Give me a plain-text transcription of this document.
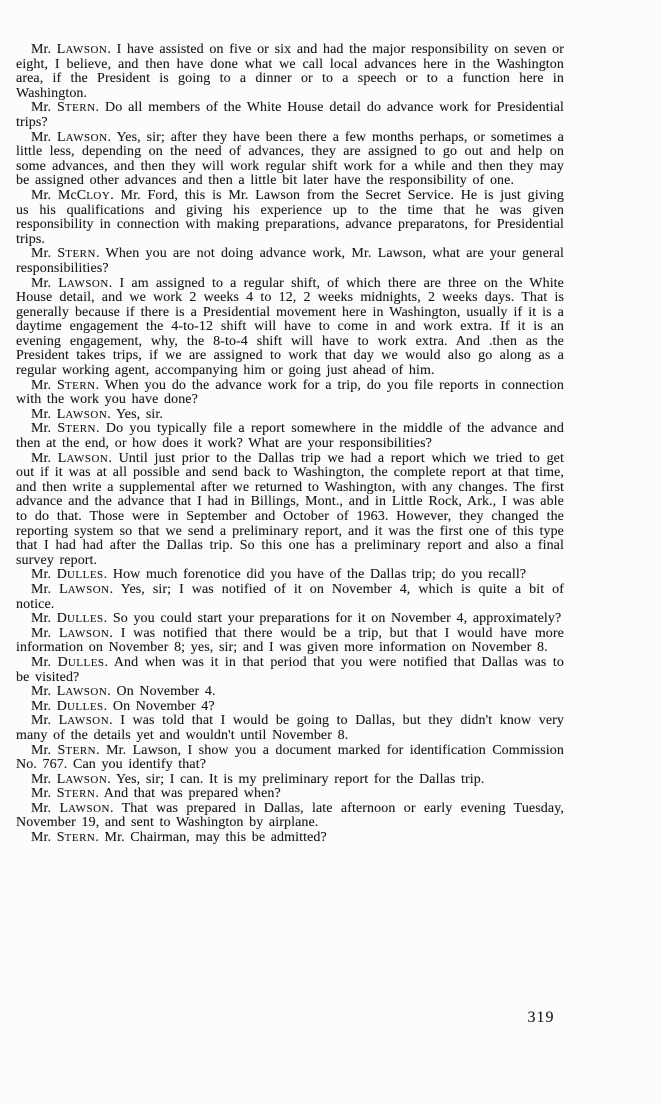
Mr. LAWSON. I have assisted on five or six and had the major responsibility on seven or eight, I believe, and then have done what we call local advances here in the Washington area, if the President is going to a dinner or to a speech or to a function here in Washington.

Mr. STERN. Do all members of the White House detail do advance work for Presidential trips?

Mr. LAWSON. Yes, sir; after they have been there a few months perhaps, or sometimes a little less, depending on the need of advances, they are assigned to go out and help on some advances, and then they will work regular shift work for a while and then they may be assigned other advances and then a little bit later have the responsibility of one.

Mr. McCLOY. Mr. Ford, this is Mr. Lawson from the Secret Service. He is just giving us his qualifications and giving his experience up to the time that he was given responsibility in connection with making preparations, advance preparatons, for Presidential trips.

Mr. STERN. When you are not doing advance work, Mr. Lawson, what are your general responsibilities?

Mr. LAWSON. I am assigned to a regular shift, of which there are three on the White House detail, and we work 2 weeks 4 to 12, 2 weeks midnights, 2 weeks days. That is generally because if there is a Presidential movement here in Washington, usually if it is a daytime engagement the 4-to-12 shift will have to come in and work extra. If it is an evening engagement, why, the 8-to-4 shift will have to work extra. And .then as the President takes trips, if we are assigned to work that day we would also go along as a regular working agent, accompanying him or going just ahead of him.

Mr. STERN. When you do the advance work for a trip, do you file reports in connection with the work you have done?

Mr. LAWSON. Yes, sir.

Mr. STERN. Do you typically file a report somewhere in the middle of the advance and then at the end, or how does it work? What are your responsibilities?

Mr. LAWSON. Until just prior to the Dallas trip we had a report which we tried to get out if it was at all possible and send back to Washington, the complete report at that time, and then write a supplemental after we returned to Washington, with any changes. The first advance and the advance that I had in Billings, Mont., and in Little Rock, Ark., I was able to do that. Those were in September and October of 1963. However, they changed the reporting system so that we send a preliminary report, and it was the first one of this type that I had had after the Dallas trip. So this one has a preliminary report and also a final survey report.

Mr. DULLES. How much forenotice did you have of the Dallas trip; do you recall?

Mr. LAWSON. Yes, sir; I was notified of it on November 4, which is quite a bit of notice.

Mr. DULLES. So you could start your preparations for it on November 4, approximately?

Mr. LAWSON. I was notified that there would be a trip, but that I would have more information on November 8; yes, sir; and I was given more information on November 8.

Mr. DULLES. And when was it in that period that you were notified that Dallas was to be visited?

Mr. LAWSON. On November 4.

Mr. DULLES. On November 4?

Mr. LAWSON. I was told that I would be going to Dallas, but they didn't know very many of the details yet and wouldn't until November 8.

Mr. STERN. Mr. Lawson, I show you a document marked for identification Commission No. 767. Can you identify that?

Mr. LAWSON. Yes, sir; I can. It is my preliminary report for the Dallas trip.

Mr. STERN. And that was prepared when?

Mr. LAWSON. That was prepared in Dallas, late afternoon or early evening Tuesday, November 19, and sent to Washington by airplane.

Mr. STERN. Mr. Chairman, may this be admitted?

319
